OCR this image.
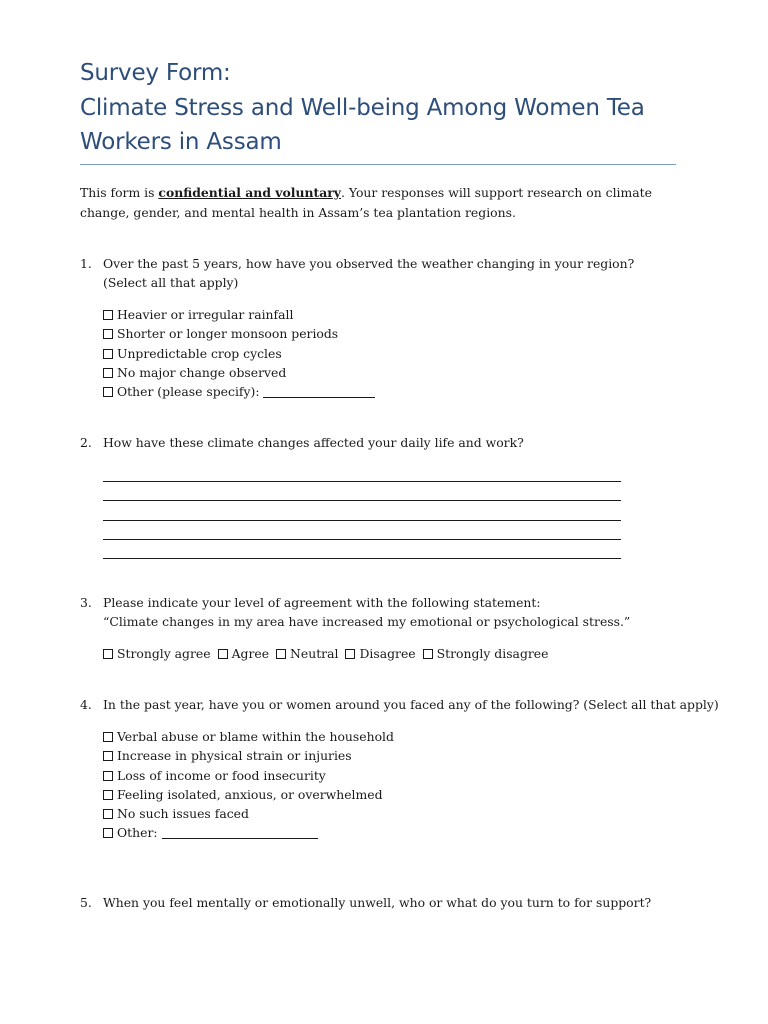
Survey Form:
Climate Stress and Well-being Among Women Tea
Workers in Assam
This form is confidential and voluntary. Your responses will support research on climate change, gender, and mental health in Assam’s tea plantation regions.
1. Over the past 5 years, how have you observed the weather changing in your region? (Select all that apply)
Heavier or irregular rainfall
Shorter or longer monsoon periods
Unpredictable crop cycles
No major change observed
Other (please specify):
2. How have these climate changes affected your daily life and work?
3. Please indicate your level of agreement with the following statement:
“Climate changes in my area have increased my emotional or psychological stress.”
Strongly agree Agree Neutral Disagree Strongly disagree
4. In the past year, have you or women around you faced any of the following? (Select all that apply)
Verbal abuse or blame within the household
Increase in physical strain or injuries
Loss of income or food insecurity
Feeling isolated, anxious, or overwhelmed
No such issues faced
Other:
5. When you feel mentally or emotionally unwell, who or what do you turn to for support?
